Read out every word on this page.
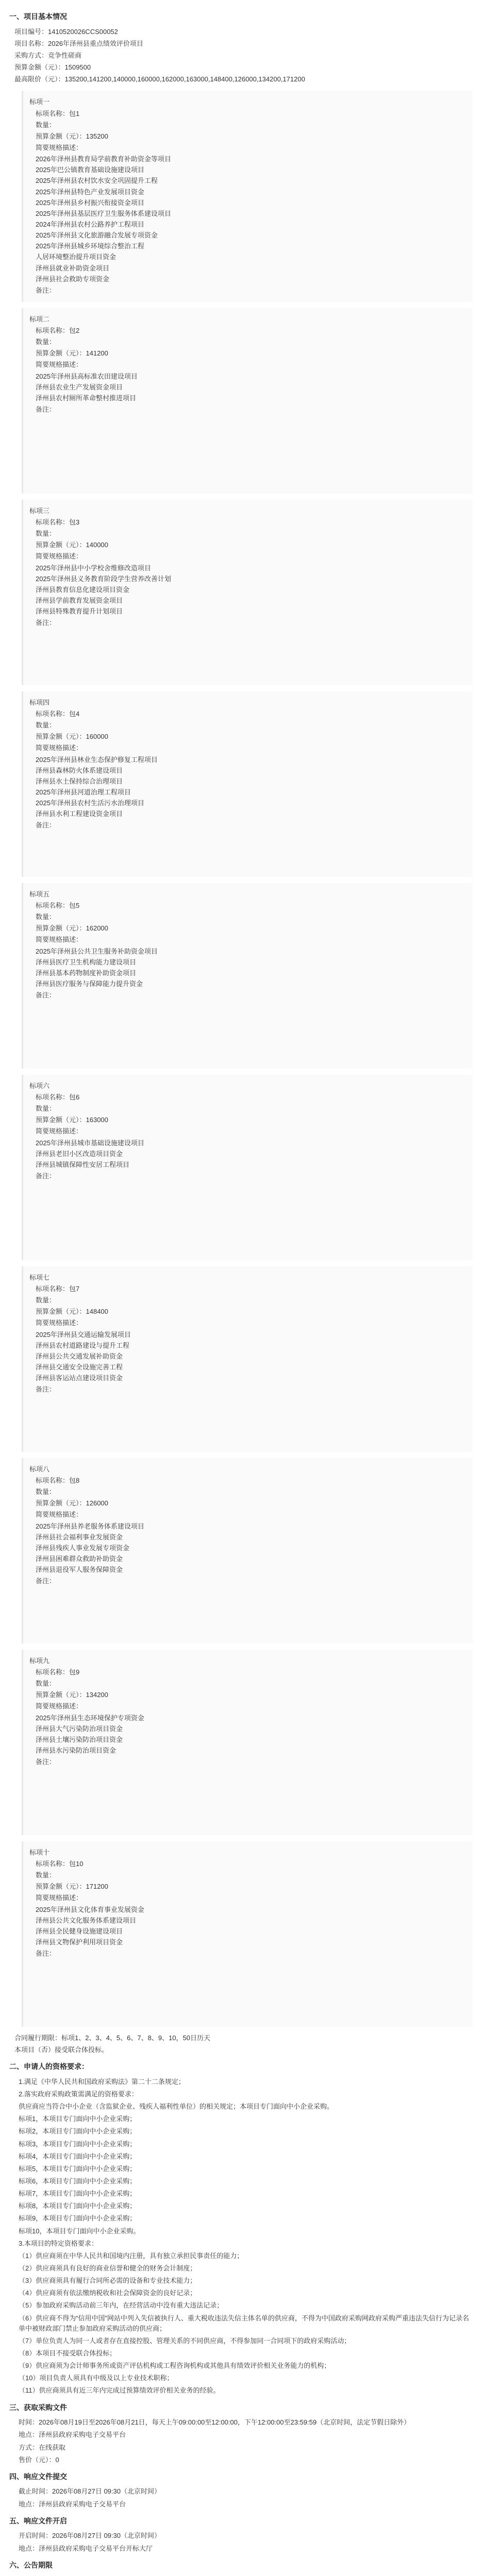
一、项目基本情况
项目编号：1410520026CCS00052
项目名称：2026年泽州县重点绩效评价项目
采购方式：竞争性磋商
预算金额（元）：1509500
最高限价（元）：135200,141200,140000,160000,162000,163000,148400,126000,134200,171200
标项一
标项名称：包1
数量：
预算金额（元）：135200
简要规格描述：
2026年泽州县教育局学前教育补助资金等项目
2025年巴公镇教育基础设施建设项目
2025年泽州县农村饮水安全巩固提升工程
2025年泽州县特色产业发展项目资金
2025年泽州县乡村振兴衔接资金项目
2025年泽州县基层医疗卫生服务体系建设项目
2024年泽州县农村公路养护工程项目
2025年泽州县文化旅游融合发展专项资金
2025年泽州县城乡环境综合整治工程
人居环境整治提升项目资金
泽州县就业补助资金项目
泽州县社会救助专项资金
备注：
标项二
标项名称：包2
数量：
预算金额（元）：141200
简要规格描述：
2025年泽州县高标准农田建设项目
泽州县农业生产发展资金项目
泽州县农村厕所革命整村推进项目
备注：
标项三
标项名称：包3
数量：
预算金额（元）：140000
简要规格描述：
2025年泽州县中小学校舍维修改造项目
2025年泽州县义务教育阶段学生营养改善计划
泽州县教育信息化建设项目资金
泽州县学前教育发展资金项目
泽州县特殊教育提升计划项目
备注：
标项四
标项名称：包4
数量：
预算金额（元）：160000
简要规格描述：
2025年泽州县林业生态保护修复工程项目
泽州县森林防火体系建设项目
泽州县水土保持综合治理项目
2025年泽州县河道治理工程项目
2025年泽州县农村生活污水治理项目
泽州县水利工程建设资金项目
备注：
标项五
标项名称：包5
数量：
预算金额（元）：162000
简要规格描述：
2025年泽州县公共卫生服务补助资金项目
泽州县医疗卫生机构能力建设项目
泽州县基本药物制度补助资金项目
泽州县医疗服务与保障能力提升资金
备注：
标项六
标项名称：包6
数量：
预算金额（元）：163000
简要规格描述：
2025年泽州县城市基础设施建设项目
泽州县老旧小区改造项目资金
泽州县城镇保障性安居工程项目
备注：
标项七
标项名称：包7
数量：
预算金额（元）：148400
简要规格描述：
2025年泽州县交通运输发展项目
泽州县农村道路建设与提升工程
泽州县公共交通发展补助资金
泽州县交通安全设施完善工程
泽州县客运站点建设项目资金
备注：
标项八
标项名称：包8
数量：
预算金额（元）：126000
简要规格描述：
2025年泽州县养老服务体系建设项目
泽州县社会福利事业发展资金
泽州县残疾人事业发展专项资金
泽州县困难群众救助补助资金
泽州县退役军人服务保障资金
备注：
标项九
标项名称：包9
数量：
预算金额（元）：134200
简要规格描述：
2025年泽州县生态环境保护专项资金
泽州县大气污染防治项目资金
泽州县土壤污染防治项目资金
泽州县水污染防治项目资金
备注：
标项十
标项名称：包10
数量：
预算金额（元）：171200
简要规格描述：
2025年泽州县文化体育事业发展资金
泽州县公共文化服务体系建设项目
泽州县全民健身设施建设项目
泽州县文物保护利用项目资金
备注：
合同履行期限：标项1、2、3、4、5、6、7、8、9、10，50日历天
本项目（否）接受联合体投标。
二、申请人的资格要求：
1.满足《中华人民共和国政府采购法》第二十二条规定；
2.落实政府采购政策需满足的资格要求：
供应商应当符合中小企业（含监狱企业、残疾人福利性单位）的相关规定；本项目专门面向中小企业采购。
标项1，本项目专门面向中小企业采购；
标项2，本项目专门面向中小企业采购；
标项3，本项目专门面向中小企业采购；
标项4，本项目专门面向中小企业采购；
标项5，本项目专门面向中小企业采购；
标项6，本项目专门面向中小企业采购；
标项7，本项目专门面向中小企业采购；
标项8，本项目专门面向中小企业采购；
标项9，本项目专门面向中小企业采购；
标项10，本项目专门面向中小企业采购。
3.本项目的特定资格要求：
（1）供应商须在中华人民共和国境内注册，具有独立承担民事责任的能力；
（2）供应商须具有良好的商业信誉和健全的财务会计制度；
（3）供应商须具有履行合同所必需的设备和专业技术能力；
（4）供应商须有依法缴纳税收和社会保障资金的良好记录；
（5）参加政府采购活动前三年内，在经营活动中没有重大违法记录；
（6）供应商不得为“信用中国”网站中列入失信被执行人、重大税收违法失信主体名单的供应商，不得为中国政府采购网政府采购严重违法失信行为记录名单中被财政部门禁止参加政府采购活动的供应商；
（7）单位负责人为同一人或者存在直接控股、管理关系的不同供应商，不得参加同一合同项下的政府采购活动；
（8）本项目不接受联合体投标；
（9）供应商须为会计师事务所或资产评估机构或工程咨询机构或其他具有绩效评价相关业务能力的机构；
（10）项目负责人须具有中级及以上专业技术职称；
（11）供应商须具有近三年内完成过预算绩效评价相关业务的经验。
三、获取采购文件
时间：2026年08月19日至2026年08月21日，每天上午09:00:00至12:00:00，下午12:00:00至23:59:59（北京时间，法定节假日除外）
地点：泽州县政府采购电子交易平台
方式：在线获取
售价（元）：0
四、响应文件提交
截止时间：2026年08月27日 09:30（北京时间）
地点：泽州县政府采购电子交易平台
五、响应文件开启
开启时间：2026年08月27日 09:30（北京时间）
地点：泽州县政府采购电子交易平台开标大厅
六、公告期限
